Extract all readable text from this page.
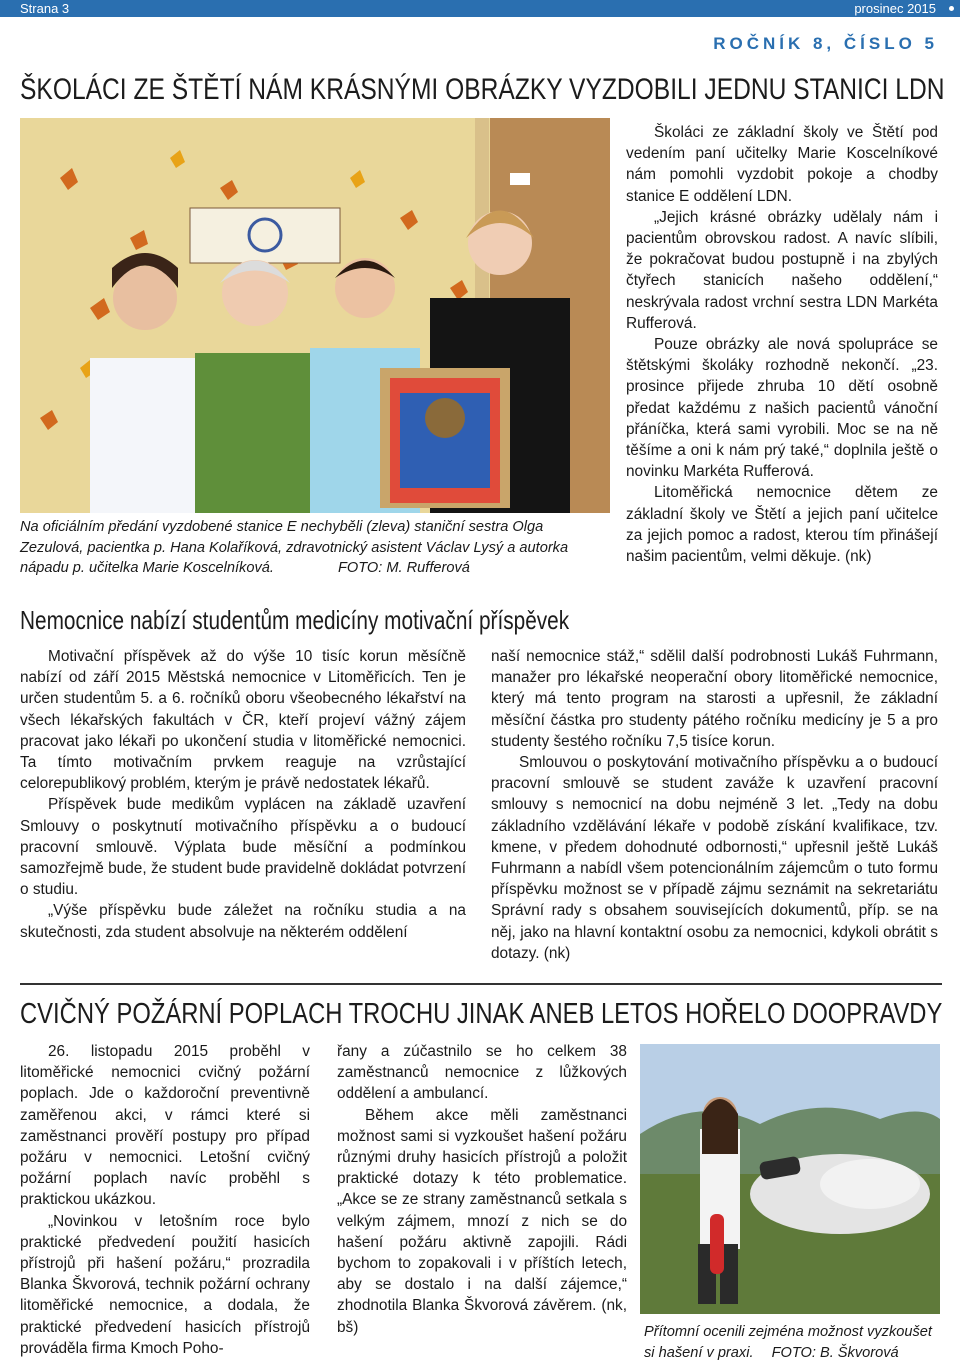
Strana 3	prosinec 2015
ROČNÍK 8, ČÍSLO 5
ŠKOLÁCI ZE ŠTĚTÍ NÁM KRÁSNÝMI OBRÁZKY VYZDOBILI JEDNU STANICI LDN
Na oficiálním předání vyzdobené stanice E nechyběli (zleva) staniční sestra Olga Zezulová, pacientka p. Hana Kolaříková, zdravotnický asistent Václav Lysý a autorka nápadu p. učitelka Marie Koscelníková.	FOTO: M. Rufferová

Školáci ze základní školy ve Štětí pod vedením paní učitelky Marie Koscelníkové nám pomohli vyzdobit pokoje a chodby stanice E oddělení LDN.

„Jejich krásné obrázky udělaly nám i pacientům obrovskou radost. A navíc slíbili, že pokračovat budou postupně i na zbylých čtyřech stanicích našeho oddělení,“ neskrývala radost vrchní sestra LDN Markéta Rufferová.

Pouze obrázky ale nová spolupráce se štětskými školáky rozhodně nekončí. „23. prosince přijede zhruba 10 dětí osobně předat každému z našich pacientů vánoční přáníčka, která sami vyrobili. Moc se na ně těšíme a oni k nám prý také,“ doplnila ještě o novinku Markéta Rufferová.

Litoměřická nemocnice dětem ze základní školy ve Štětí a jejich paní učitelce za jejich pomoc a radost, kterou tím přinášejí našim pacientům, velmi děkuje. (nk)

Nemocnice nabízí studentům medicíny motivační příspěvek

Motivační příspěvek až do výše 10 tisíc korun měsíčně nabízí od září 2015 Městská nemocnice v Litoměřicích. Ten je určen studentům 5. a 6. ročníků oboru všeobecného lékařství na všech lékařských fakultách v ČR, kteří projeví vážný zájem pracovat jako lékaři po ukončení studia v litoměřické nemocnici. Ta tímto motivačním prvkem reaguje na vzrůstající celorepublikový problém, kterým je právě nedostatek lékařů.

Příspěvek bude medikům vyplácen na základě uzavření Smlouvy o poskytnutí motivačního příspěvku a o budoucí pracovní smlouvě. Výplata bude měsíční a podmínkou samozřejmě bude, že student bude pravidelně dokládat potvrzení o studiu.

„Výše příspěvku bude záležet na ročníku studia a na skutečnosti, zda student absolvuje na některém oddělení

naší nemocnice stáž,“ sdělil další podrobnosti Lukáš Fuhrmann, manažer pro lékařské neoperační obory litoměřické nemocnice, který má tento program na starosti a upřesnil, že základní měsíční částka pro studenty pátého ročníku medicíny je 5 a pro studenty šestého ročníku 7,5 tisíce korun.

Smlouvou o poskytování motivačního příspěvku a o budoucí pracovní smlouvě se student zaváže k uzavření pracovní smlouvy s nemocnicí na dobu nejméně 3 let. „Tedy na dobu základního vzdělávání lékaře v podobě získání kvalifikace, tzv. kmene, v předem dohodnuté odbornosti,“ upřesnil ještě Lukáš Fuhrmann a nabídl všem potencionálním zájemcům o tuto formu příspěvku možnost se v případě zájmu seznámit na sekretariátu Správní rady s obsahem souvisejících dokumentů, příp. se na něj, jako na hlavní kontaktní osobu za nemocnici, kdykoli obrátit s dotazy. (nk)

CVIČNÝ POŽÁRNÍ POPLACH TROCHU JINAK ANEB LETOS HOŘELO DOOPRAVDY

26. listopadu 2015 proběhl v litoměřické nemocnici cvičný požární poplach. Jde o každoroční preventivně zaměřenou akci, v rámci které si zaměstnanci prověří postupy pro případ požáru v nemocnici. Letošní cvičný požární poplach navíc proběhl s praktickou ukázkou.

„Novinkou v letošním roce bylo praktické předvedení použití hasicích přístrojů při hašení požáru,“ prozradila Blanka Škvorová, technik požární ochrany litoměřické nemocnice, a dodala, že praktické předvedení hasicích přístrojů prováděla firma Kmoch Poho-

řany a zúčastnilo se ho celkem 38 zaměstnanců nemocnice z lůžkových oddělení a ambulancí.

Během akce měli zaměstnanci možnost sami si vyzkoušet hašení požáru různými druhy hasicích přístrojů a položit praktické dotazy k této problematice. „Akce se ze strany zaměstnanců setkala s velkým zájmem, mnozí z nich se do hašení požáru aktivně zapojili. Rádi bychom to zopakovali i v příštích letech, aby se dostalo i na další zájemce,“ zhodnotila Blanka Škvorová závěrem. (nk, bš)	Přítomní ocenili zejména možnost vyzkoušet si hašení v praxi. FOTO: B. Škvorová
